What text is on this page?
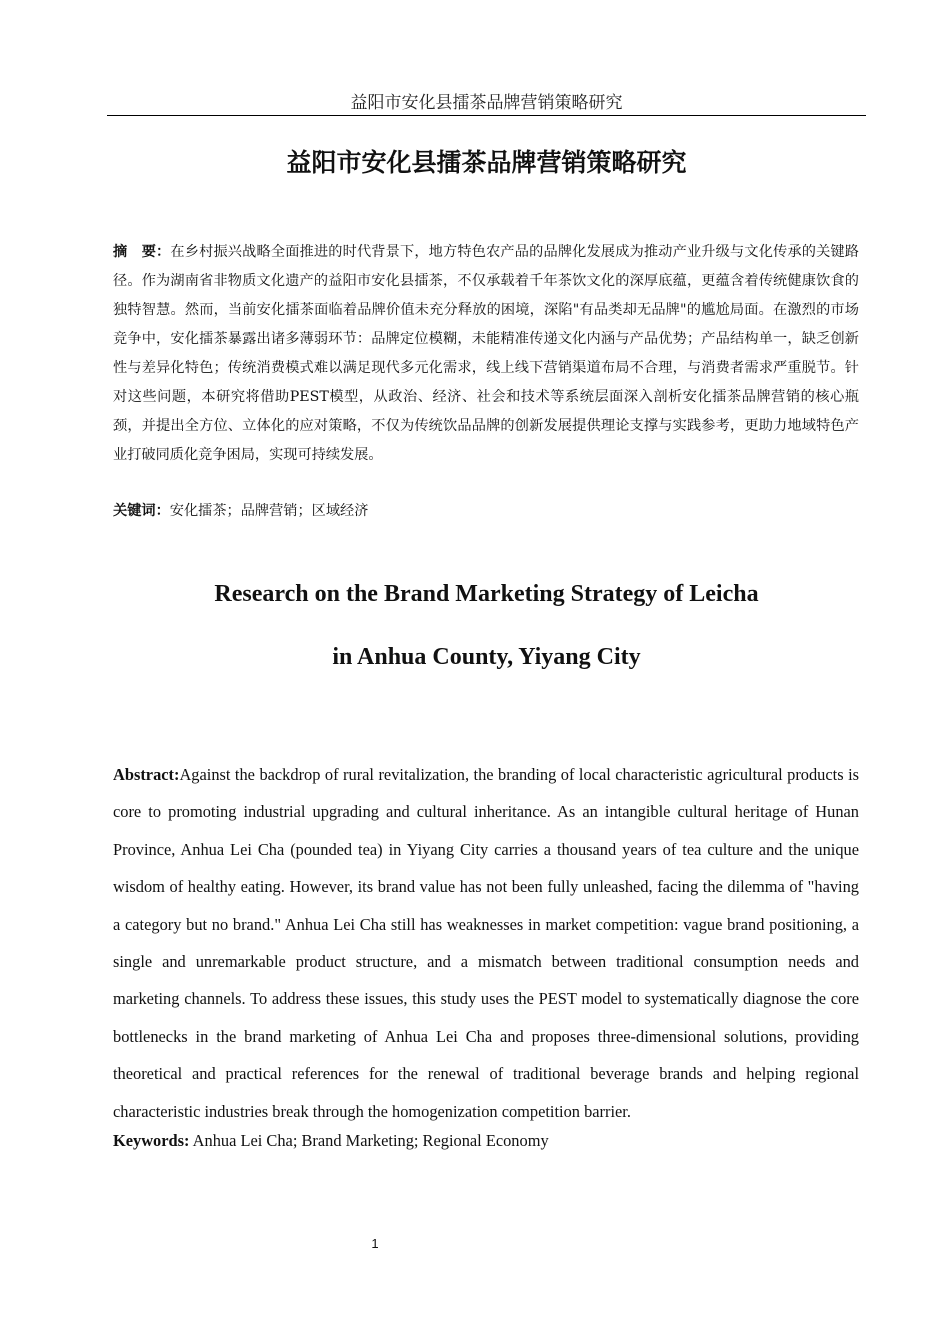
益阳市安化县擂茶品牌营销策略研究
益阳市安化县擂茶品牌营销策略研究
摘　要：在乡村振兴战略全面推进的时代背景下，地方特色农产品的品牌化发展成为推动产业升级与文化传承的关键路径。作为湖南省非物质文化遗产的益阳市安化县擂茶，不仅承载着千年茶饮文化的深厚底蕴，更蕴含着传统健康饮食的独特智慧。然而，当前安化擂茶面临着品牌价值未充分释放的困境，深陷"有品类却无品牌"的尴尬局面。在激烈的市场竞争中，安化擂茶暴露出诸多薄弱环节：品牌定位模糊，未能精准传递文化内涵与产品优势；产品结构单一，缺乏创新性与差异化特色；传统消费模式难以满足现代多元化需求，线上线下营销渠道布局不合理，与消费者需求严重脱节。针对这些问题，本研究将借助PEST模型，从政治、经济、社会和技术等系统层面深入剖析安化擂茶品牌营销的核心瓶颈，并提出全方位、立体化的应对策略，不仅为传统饮品品牌的创新发展提供理论支撑与实践参考，更助力地域特色产业打破同质化竞争困局，实现可持续发展。
关键词：安化擂茶；品牌营销；区域经济
Research on the Brand Marketing Strategy of Leicha
in Anhua County, Yiyang City
Abstract:Against the backdrop of rural revitalization, the branding of local characteristic agricultural products is core to promoting industrial upgrading and cultural inheritance. As an intangible cultural heritage of Hunan Province, Anhua Lei Cha (pounded tea) in Yiyang City carries a thousand years of tea culture and the unique wisdom of healthy eating. However, its brand value has not been fully unleashed, facing the dilemma of "having a category but no brand." Anhua Lei Cha still has weaknesses in market competition: vague brand positioning, a single and unremarkable product structure, and a mismatch between traditional consumption needs and marketing channels. To address these issues, this study uses the PEST model to systematically diagnose the core bottlenecks in the brand marketing of Anhua Lei Cha and proposes three-dimensional solutions, providing theoretical and practical references for the renewal of traditional beverage brands and helping regional characteristic industries break through the homogenization competition barrier.
Keywords: Anhua Lei Cha; Brand Marketing; Regional Economy
1
